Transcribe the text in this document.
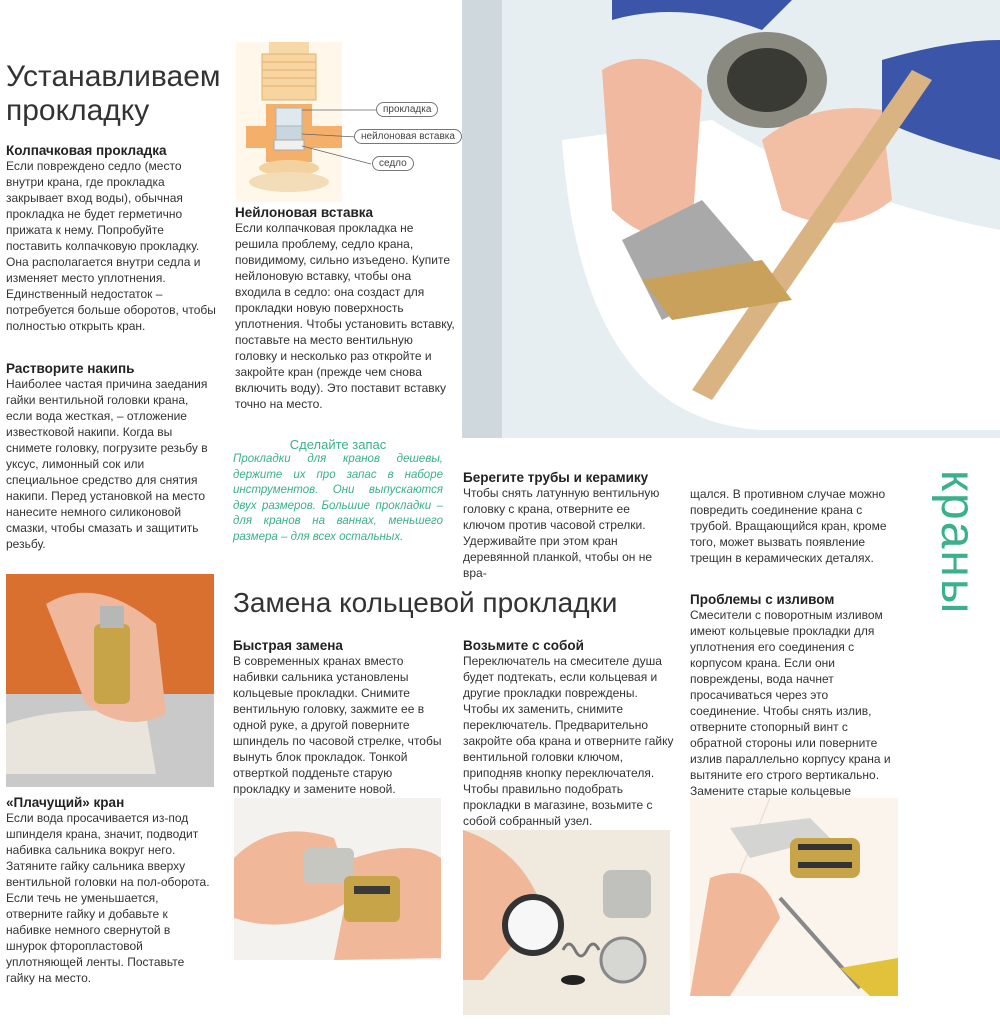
Устанавливаем
прокладку

Колпачковая прокладка

Если повреждено седло (место внутри крана, где прокладка закрывает вход воды), обычная прокладка не будет герметично прижата к нему. Попробуйте поставить колпачковую прокладку. Она располагается внутри седла и изменяет место уплотнения. Единственный недостаток – потребуется больше оборотов, чтобы полностью открыть кран.

Растворите накипь

Наиболее частая причина заедания гайки вентильной головки крана, если вода жесткая, – отложение известковой накипи. Когда вы снимете головку, погрузите резьбу в уксус, лимонный сок или специальное средство для снятия накипи. Перед установкой на место нанесите немного силиконовой смазки, чтобы смазать и защитить резьбу.

прокладка
нейлоновая вставка
седло

Нейлоновая вставка

Если колпачковая прокладка не решила проблему, седло крана, повидимому, сильно изъедено. Купите нейлоновую вставку, чтобы она входила в седло: она создаст для прокладки новую поверхность уплотнения. Чтобы установить вставку, поставьте на место вентильную головку и несколько раз откройте и закройте кран (прежде чем снова включить воду). Это поставит вставку точно на место.

Сделайте запас
Прокладки для кранов дешевы, держите их про запас в наборе инструментов. Они выпускаются двух размеров. Большие прокладки – для кранов на ваннах, меньшего размера – для всех остальных.

Берегите трубы и керамику

Чтобы снять латунную вентильную головку с крана, отверните ее ключом против часовой стрелки. Удерживайте при этом кран деревянной планкой, чтобы он не вра-

щался. В противном случае можно повредить соединение крана с трубой. Вращающийся кран, кроме того, может вызвать появление трещин в керамических деталях.	краны
Замена кольцевой прокладки

«Плачущий» кран

Если вода просачивается из-под шпинделя крана, значит, подводит набивка сальника вокруг него. Затяните гайку сальника вверху вентильной головки на пол-оборота. Если течь не уменьшается, отверните гайку и добавьте к набивке немного свернутой в шнурок фторопластовой уплотняющей ленты. Поставьте гайку на место.

Быстрая замена

В современных кранах вместо набивки сальника установлены кольцевые прокладки. Снимите вентильную головку, зажмите ее в одной руке, а другой поверните шпиндель по часовой стрелке, чтобы вынуть блок прокладок. Тонкой отверткой подденьте старую прокладку и замените новой.

Возьмите с собой

Переключатель на смесителе душа будет подтекать, если кольцевая и другие прокладки повреждены. Чтобы их заменить, снимите переключатель. Предварительно закройте оба крана и отверните гайку вентильной головки ключом, приподняв кнопку переключателя. Чтобы правильно подобрать прокладки в магазине, возьмите с собой собранный узел.

Проблемы с изливом

Смесители с поворотным изливом имеют кольцевые прокладки для уплотнения его соединения с корпусом крана. Если они повреждены, вода начнет просачиваться через это соединение. Чтобы снять излив, отверните стопорный винт с обратной стороны или поверните излив параллельно корпусу крана и вытяните его строго вертикально. Замените старые кольцевые
